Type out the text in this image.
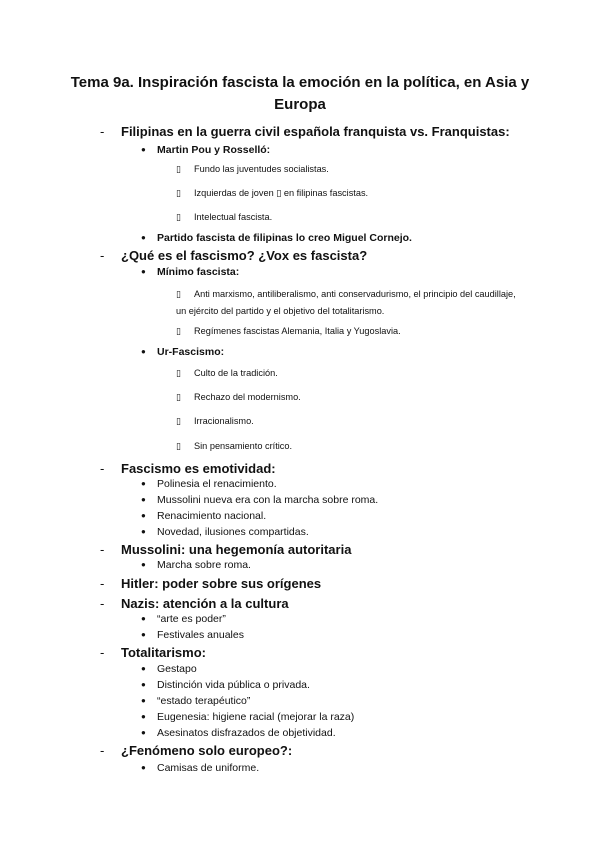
Tema 9a. Inspiración fascista la emoción en la política, en Asia y Europa
- Filipinas en la guerra civil española franquista vs. Franquistas:
● Martin Pou y Rosselló:
▯ Fundo las juventudes socialistas.
▯ Izquierdas de joven ▯ en filipinas fascistas.
▯ Intelectual fascista.
● Partido fascista de filipinas lo creo Miguel Cornejo.
- ¿Qué es el fascismo? ¿Vox es fascista?
● Mínimo fascista:
▯ Anti marxismo, antiliberalismo, anti conservadurismo, el principio del caudillaje, un ejército del partido y el objetivo del totalitarismo.
▯ Regímenes fascistas Alemania, Italia y Yugoslavia.
● Ur-Fascismo:
▯ Culto de la tradición.
▯ Rechazo del modernismo.
▯ Irracionalismo.
▯ Sin pensamiento crítico.
- Fascismo es emotividad:
● Polinesia el renacimiento.
● Mussolini nueva era con la marcha sobre roma.
● Renacimiento nacional.
● Novedad, ilusiones compartidas.
- Mussolini: una hegemonía autoritaria
● Marcha sobre roma.
- Hitler: poder sobre sus orígenes
- Nazis: atención a la cultura
● “arte es poder”
● Festivales anuales
- Totalitarismo:
● Gestapo
● Distinción vida pública o privada.
● “estado terapéutico”
● Eugenesia: higiene racial (mejorar la raza)
● Asesinatos disfrazados de objetividad.
- ¿Fenómeno solo europeo?:
● Camisas de uniforme.
